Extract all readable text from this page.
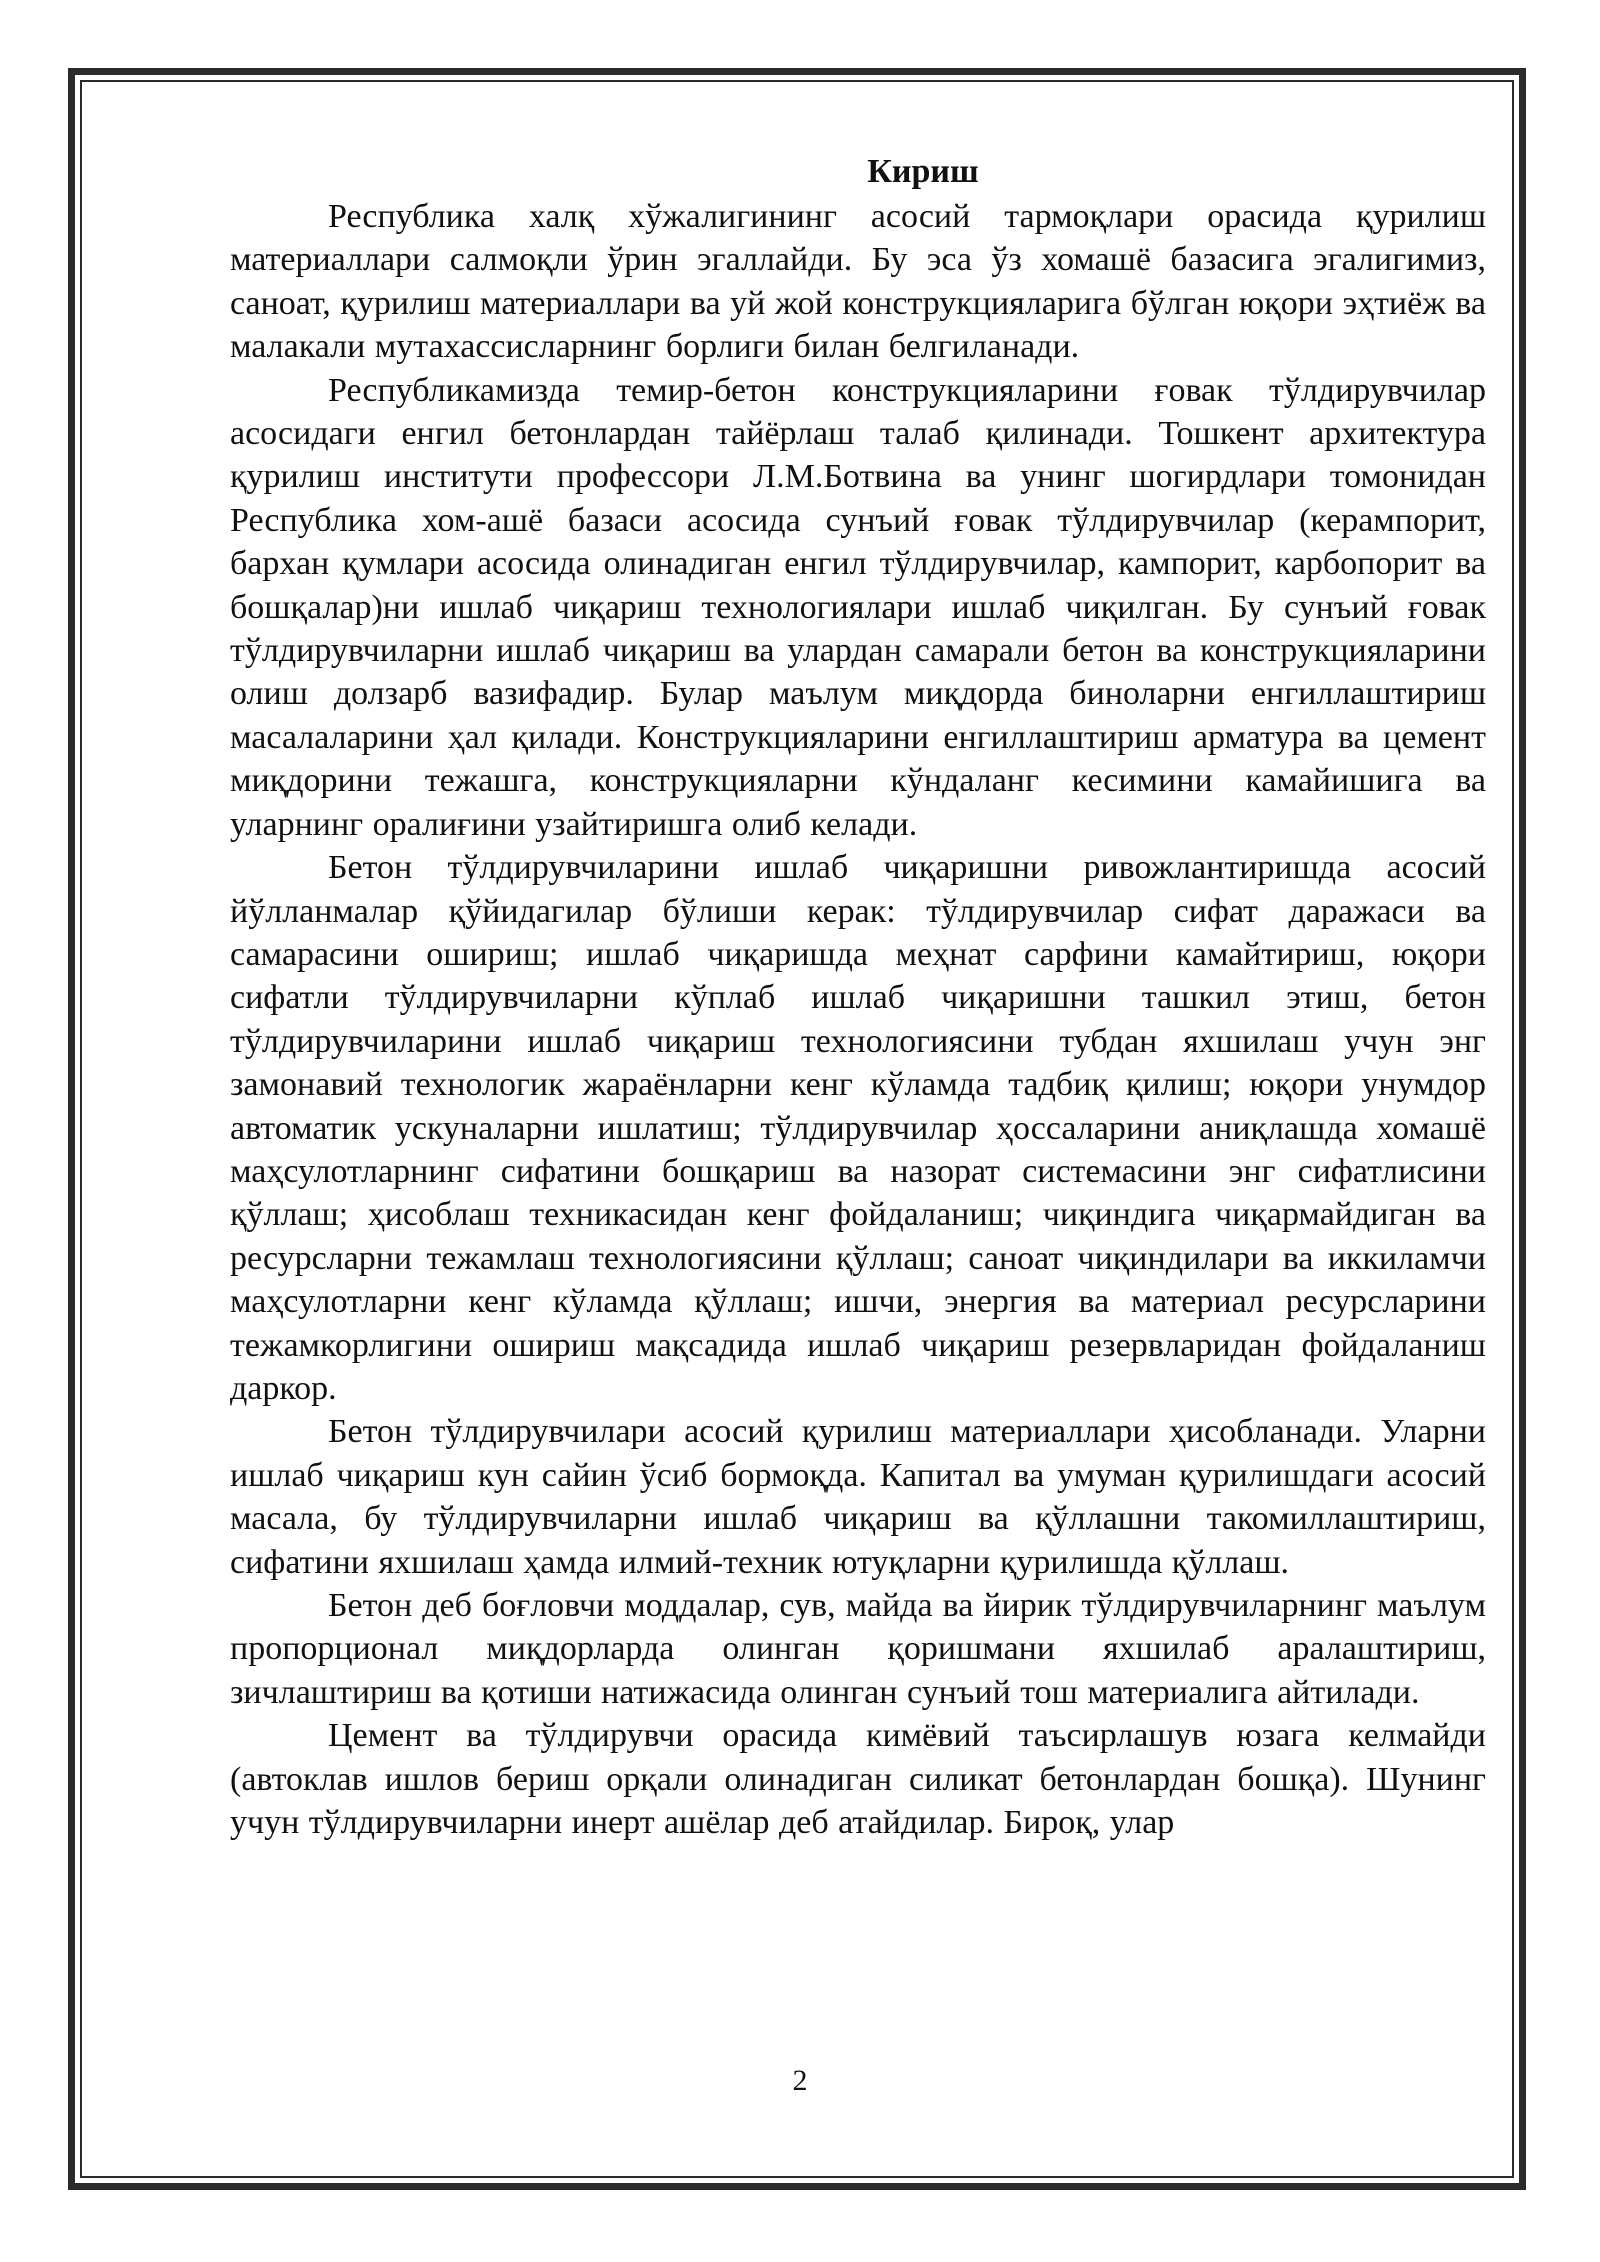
Кириш

Республика халқ хўжалигининг асосий тармоқлари орасида қурилиш материаллари салмоқли ўрин эгаллайди. Бу эса ўз хомашё базасига эгалигимиз, саноат, қурилиш материаллари ва уй жой конструкцияларига бўлган юқори эҳтиёж ва малакали мутахассисларнинг борлиги билан белгиланади.

Республикамизда темир-бетон конструкцияларини ғовак тўлдирувчилар асосидаги енгил бетонлардан тайёрлаш талаб қилинади. Тошкент архитектура қурилиш институти профессори Л.М.Ботвина ва унинг шогирдлари томонидан Республика хом-ашё базаси асосида сунъий ғовак тўлдирувчилар (керампорит, бархан қумлари асосида олинадиган енгил тўлдирувчилар, кампорит, карбопорит ва бошқалар)ни ишлаб чиқариш технологиялари ишлаб чиқилган. Бу сунъий ғовак тўлдирувчиларни ишлаб чиқариш ва улардан самарали бетон ва конструкцияларини олиш долзарб вазифадир. Булар маълум миқдорда биноларни енгиллаштириш масалаларини ҳал қилади. Конструкцияларини енгиллаштириш арматура ва цемент миқдорини тежашга, конструкцияларни кўндаланг кесимини камайишига ва уларнинг оралиғини узайтиришга олиб келади.

Бетон тўлдирувчиларини ишлаб чиқаришни ривожлантиришда асосий йўлланмалар қўйидагилар бўлиши керак: тўлдирувчилар сифат даражаси ва самарасини ошириш; ишлаб чиқаришда меҳнат сарфини камайтириш, юқори сифатли тўлдирувчиларни кўплаб ишлаб чиқаришни ташкил этиш, бетон тўлдирувчиларини ишлаб чиқариш технологиясини тубдан яхшилаш учун энг замонавий технологик жараёнларни кенг кўламда тадбиқ қилиш; юқори унумдор автоматик ускуналарни ишлатиш; тўлдирувчилар ҳоссаларини аниқлашда хомашё маҳсулотларнинг сифатини бошқариш ва назорат системасини энг сифатлисини қўллаш; ҳисоблаш техникасидан кенг фойдаланиш; чиқиндига чиқармайдиган ва ресурсларни тежамлаш технологиясини қўллаш; саноат чиқиндилари ва иккиламчи маҳсулотларни кенг кўламда қўллаш; ишчи, энергия ва материал ресурсларини тежамкорлигини ошириш мақсадида ишлаб чиқариш резервларидан фойдаланиш даркор.

Бетон тўлдирувчилари асосий қурилиш материаллари ҳисобланади. Уларни ишлаб чиқариш кун сайин ўсиб бормоқда. Капитал ва умуман қурилишдаги асосий масала, бу тўлдирувчиларни ишлаб чиқариш ва қўллашни такомиллаштириш, сифатини яхшилаш ҳамда илмий-техник ютуқларни қурилишда қўллаш.

Бетон деб боғловчи моддалар, сув, майда ва йирик тўлдирувчиларнинг маълум пропорционал миқдорларда олинган қоришмани яхшилаб аралаштириш, зичлаштириш ва қотиши натижасида олинган сунъий тош материалига айтилади.

Цемент ва тўлдирувчи орасида кимёвий таъсирлашув юзага келмайди (автоклав ишлов бериш орқали олинадиган силикат бетонлардан бошқа). Шунинг учун тўлдирувчиларни инерт ашёлар деб атайдилар. Бироқ, улар

2
